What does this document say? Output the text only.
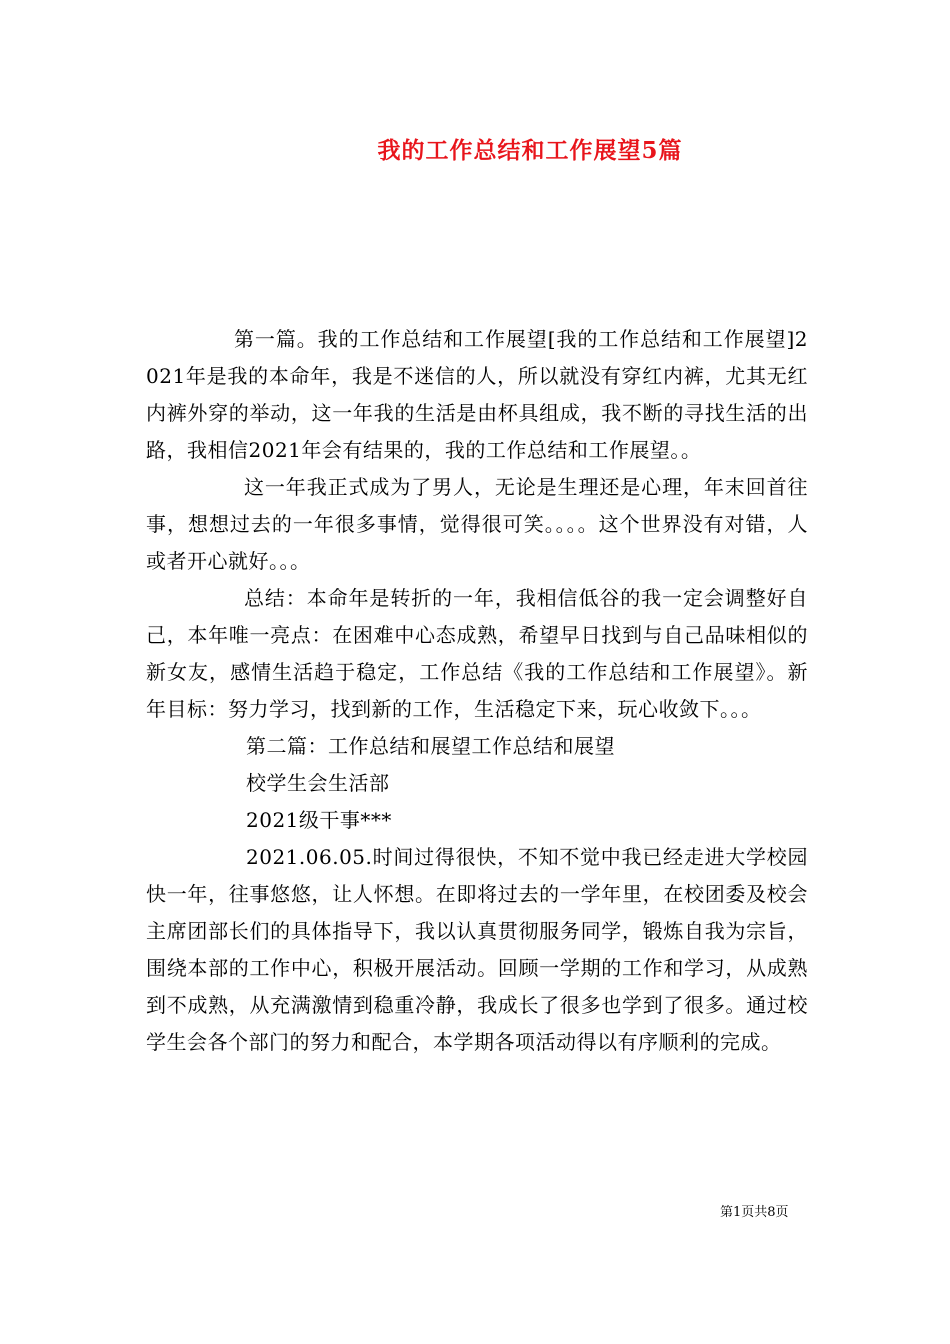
我的工作总结和工作展望5篇

第一篇。我的工作总结和工作展望[我的工作总结和工作展望]2021年是我的本命年，我是不迷信的人，所以就没有穿红内裤，尤其无红内裤外穿的举动，这一年我的生活是由杯具组成，我不断的寻找生活的出路，我相信2021年会有结果的，我的工作总结和工作展望。。

这一年我正式成为了男人，无论是生理还是心理，年末回首往事，想想过去的一年很多事情，觉得很可笑。。。。这个世界没有对错，人或者开心就好。。。

总结：本命年是转折的一年，我相信低谷的我一定会调整好自己，本年唯一亮点：在困难中心态成熟，希望早日找到与自己品味相似的新女友，感情生活趋于稳定，工作总结《我的工作总结和工作展望》。新年目标：努力学习，找到新的工作，生活稳定下来，玩心收敛下。。。

第二篇：工作总结和展望工作总结和展望

校学生会生活部

2021级干事***

2021.06.05.时间过得很快，不知不觉中我已经走进大学校园快一年，往事悠悠，让人怀想。在即将过去的一学年里，在校团委及校会主席团部长们的具体指导下，我以认真贯彻服务同学，锻炼自我为宗旨，围绕本部的工作中心，积极开展活动。回顾一学期的工作和学习，从成熟到不成熟，从充满激情到稳重冷静，我成长了很多也学到了很多。通过校学生会各个部门的努力和配合，本学期各项活动得以有序顺利的完成。

第1页共8页
